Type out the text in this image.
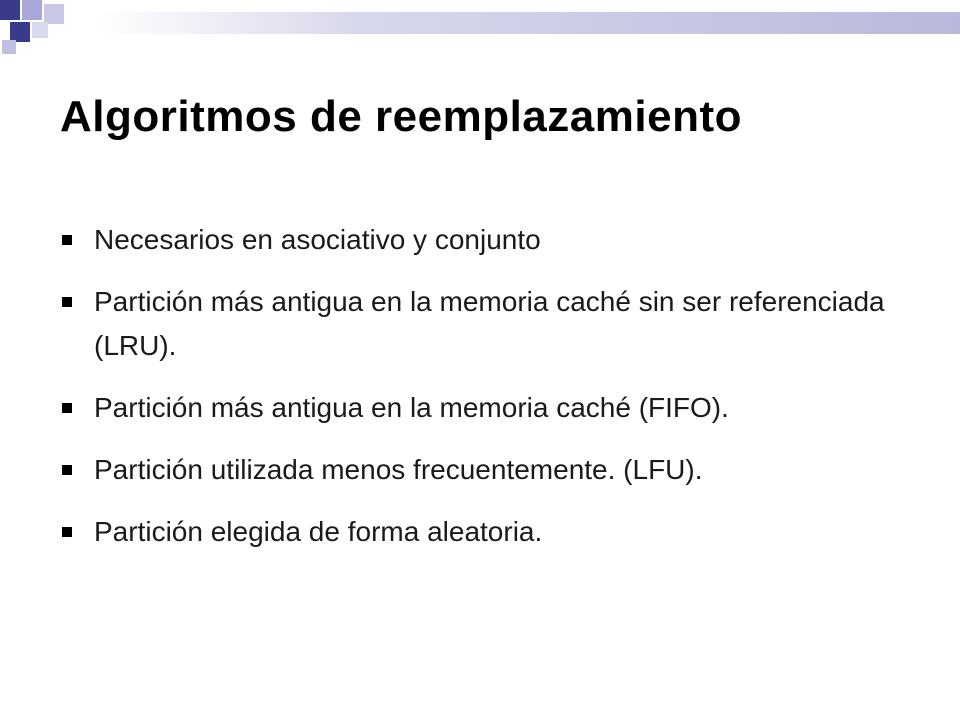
Algoritmos de reemplazamiento
Necesarios en asociativo y conjunto
Partición más antigua en la memoria caché sin ser referenciada (LRU).
Partición más antigua en la memoria caché (FIFO).
Partición utilizada menos frecuentemente. (LFU).
Partición elegida de forma aleatoria.
